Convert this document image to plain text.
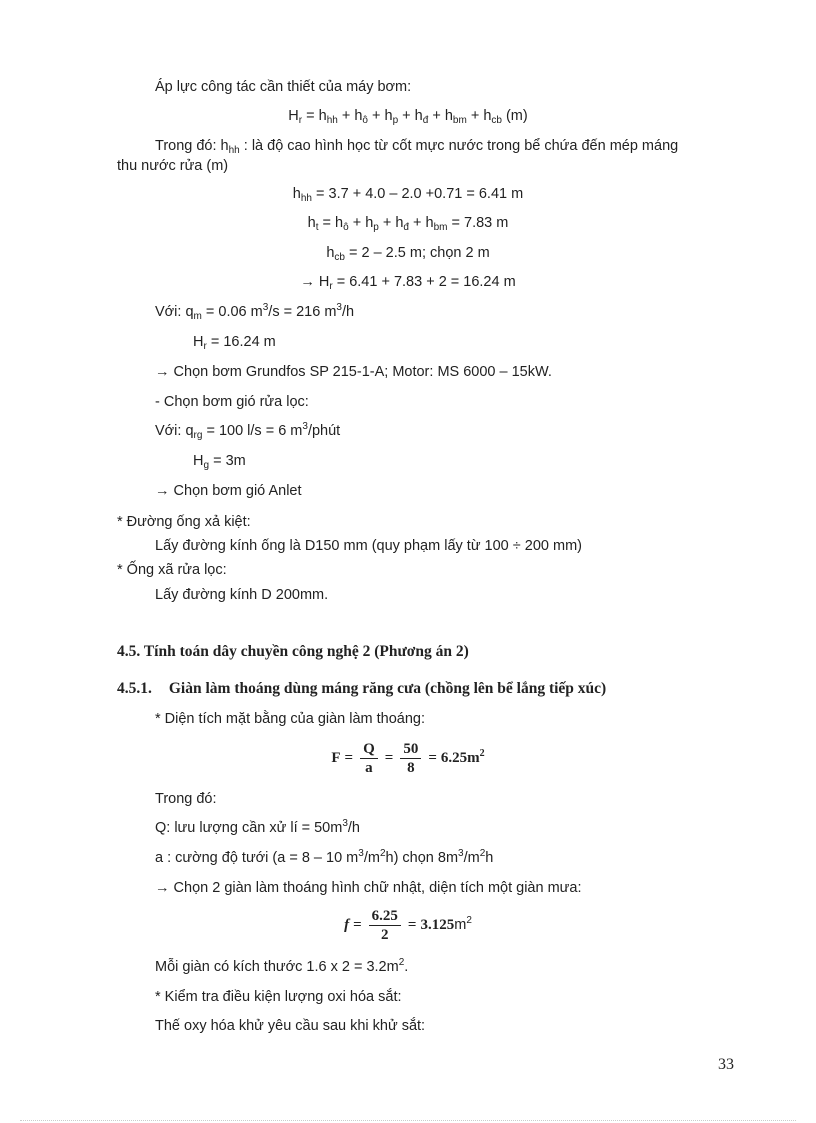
Áp lực công tác cần thiết của máy bơm:
$H_r = h_{hh} + h_ô + h_p + h_đ + h_{bm} + h_{cb}$ (m)
Trong đó: $h_{hh}$ : là độ cao hình học từ cốt mực nước trong bể chứa đến mép máng
thu nước rửa (m)
$h_{hh} = 3.7 + 4.0 - 2.0 +0.71 = 6.41$ m
$h_t = h_ô + h_p + h_đ + h_{bm} = 7.83$ m
$h_{cb} = 2 - 2.5$ m; chọn 2 m
→ $H_r = 6.41 + 7.83 + 2 = 16.24$ m
Với: $q_m = 0.06$ $m^3/s = 216$ $m^3/h$
$H_r = 16.24$ m
→ Chọn bơm Grundfos SP 215-1-A; Motor: MS 6000 – 15kW.
- Chọn bơm gió rửa lọc:
Với: $q_{rg} = 100$ l/s = 6 $m^3$/phút
$H_g = 3m$
→ Chọn bơm gió Anlet
* Đường ống xả kiệt:
Lấy đường kính ống là D150 mm (quy phạm lấy từ 100 ÷ 200 mm)
* Ống xã rửa lọc:
Lấy đường kính D 200mm.
4.5. Tính toán dây chuyền công nghệ 2 (Phương án 2)
4.5.1. Giàn làm thoáng dùng máng răng cưa (chồng lên bể lắng tiếp xúc)
* Diện tích mặt bằng của giàn làm thoáng:
$F = \frac{Q}{a} = \frac{50}{8} = 6.25m^2$
Trong đó:
Q: lưu lượng cần xử lí = $50m^3/h$
a : cường độ tưới (a = 8 – 10 $m^3/m^2h$) chọn $8m^3/m^2h$
→ Chọn 2 giàn làm thoáng hình chữ nhật, diện tích một giàn mưa:
$f = \frac{6.25}{2} = 3.125$ $m^2$
Mỗi giàn có kích thước 1.6 x $2 = 3.2m^2$.
* Kiểm tra điều kiện lượng oxi hóa sắt:
Thế oxy hóa khử yêu cầu sau khi khử sắt:
33
